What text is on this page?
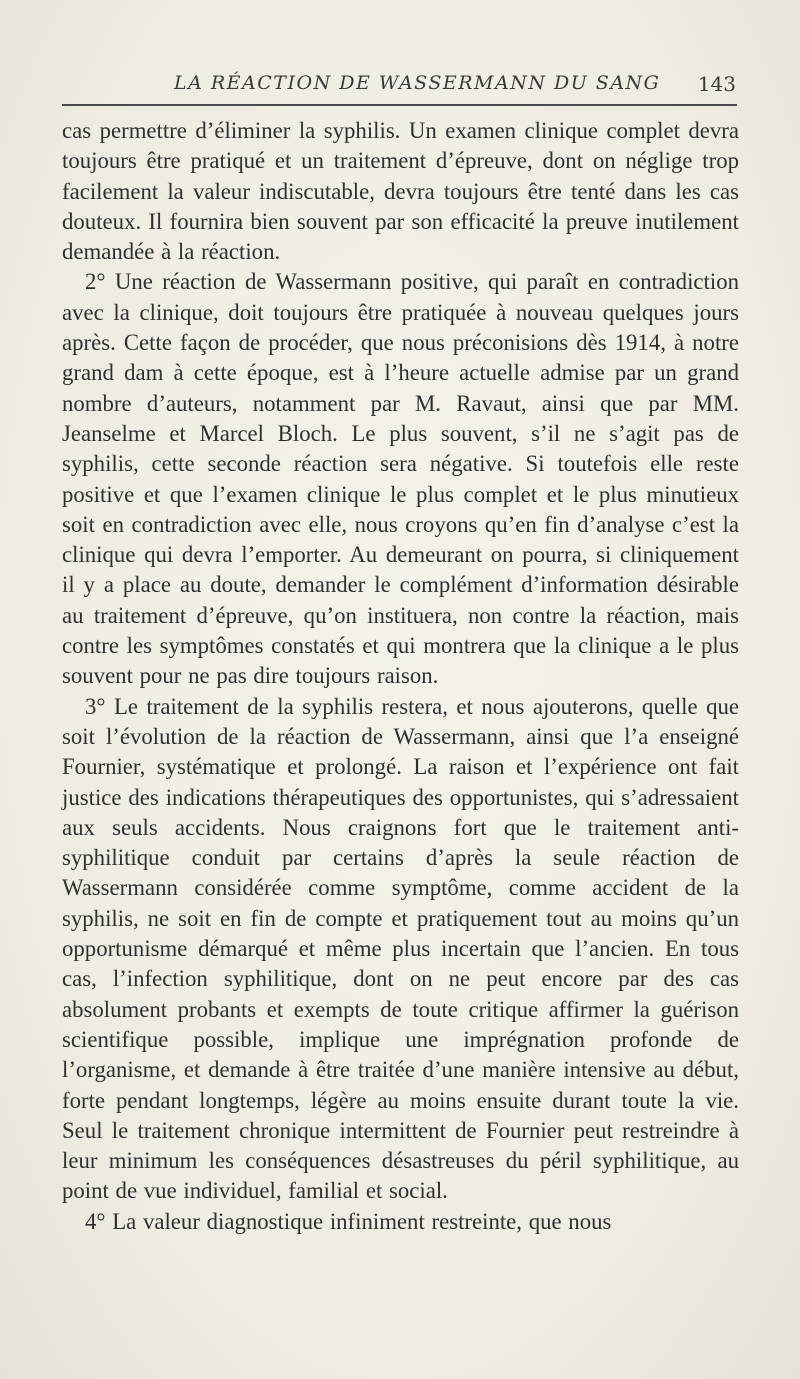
LA RÉACTION DE WASSERMANN DU SANG 143

cas permettre d’éliminer la syphilis. Un examen clinique complet devra toujours être pratiqué et un traitement d’épreuve, dont on néglige trop facilement la valeur indiscutable, devra toujours être tenté dans les cas douteux. Il fournira bien souvent par son efficacité la preuve inutilement demandée à la réaction.

2° Une réaction de Wassermann positive, qui paraît en contradiction avec la clinique, doit toujours être pratiquée à nouveau quelques jours après. Cette façon de procéder, que nous préconisions dès 1914, à notre grand dam à cette époque, est à l’heure actuelle admise par un grand nombre d’auteurs, notamment par M. Ravaut, ainsi que par MM. Jeanselme et Marcel Bloch. Le plus souvent, s’il ne s’agit pas de syphilis, cette seconde réaction sera négative. Si toutefois elle reste positive et que l’examen clinique le plus complet et le plus minutieux soit en contradiction avec elle, nous croyons qu’en fin d’analyse c’est la clinique qui devra l’emporter. Au demeurant on pourra, si cliniquement il y a place au doute, demander le complément d’information désirable au traitement d’épreuve, qu’on instituera, non contre la réaction, mais contre les symptômes constatés et qui montrera que la clinique a le plus souvent pour ne pas dire toujours raison.

3° Le traitement de la syphilis restera, et nous ajouterons, quelle que soit l’évolution de la réaction de Wassermann, ainsi que l’a enseigné Fournier, systématique et prolongé. La raison et l’expérience ont fait justice des indications thérapeutiques des opportunistes, qui s’adressaient aux seuls accidents. Nous craignons fort que le traitement anti-syphilitique conduit par certains d’après la seule réaction de Wassermann considérée comme symptôme, comme accident de la syphilis, ne soit en fin de compte et pratiquement tout au moins qu’un opportunisme démarqué et même plus incertain que l’ancien. En tous cas, l’infection syphilitique, dont on ne peut encore par des cas absolument probants et exempts de toute critique affirmer la guérison scientifique possible, implique une imprégnation profonde de l’organisme, et demande à être traitée d’une manière intensive au début, forte pendant longtemps, légère au moins ensuite durant toute la vie. Seul le traitement chronique intermittent de Fournier peut restreindre à leur minimum les conséquences désastreuses du péril syphilitique, au point de vue individuel, familial et social.

4° La valeur diagnostique infiniment restreinte, que nous
